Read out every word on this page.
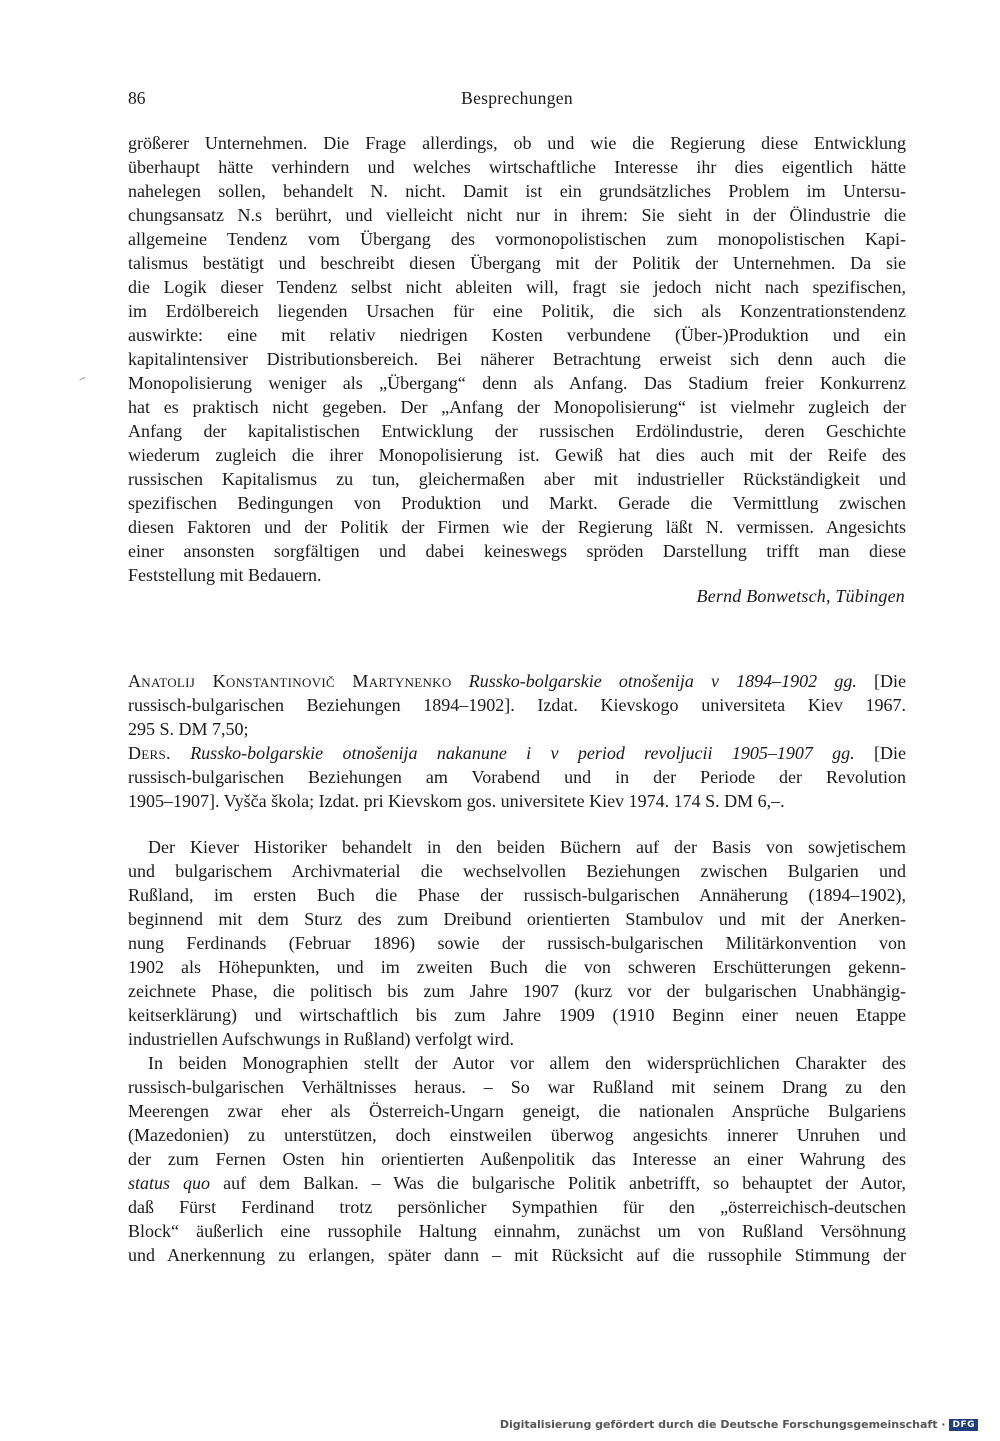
86	Besprechungen
größerer Unternehmen. Die Frage allerdings, ob und wie die Regierung diese Entwicklung
überhaupt hätte verhindern und welches wirtschaftliche Interesse ihr dies eigentlich hätte
nahelegen sollen, behandelt N. nicht. Damit ist ein grundsätzliches Problem im Untersu-
chungsansatz N.s berührt, und vielleicht nicht nur in ihrem: Sie sieht in der Ölindustrie die
allgemeine Tendenz vom Übergang des vormonopolistischen zum monopolistischen Kapi-
talismus bestätigt und beschreibt diesen Übergang mit der Politik der Unternehmen. Da sie
die Logik dieser Tendenz selbst nicht ableiten will, fragt sie jedoch nicht nach spezifischen,
im Erdölbereich liegenden Ursachen für eine Politik, die sich als Konzentrationstendenz
auswirkte: eine mit relativ niedrigen Kosten verbundene (Über-)Produktion und ein
kapitalintensiver Distributionsbereich. Bei näherer Betrachtung erweist sich denn auch die
Monopolisierung weniger als „Übergang“ denn als Anfang. Das Stadium freier Konkurrenz
hat es praktisch nicht gegeben. Der „Anfang der Monopolisierung“ ist vielmehr zugleich der
Anfang der kapitalistischen Entwicklung der russischen Erdölindustrie, deren Geschichte
wiederum zugleich die ihrer Monopolisierung ist. Gewiß hat dies auch mit der Reife des
russischen Kapitalismus zu tun, gleichermaßen aber mit industrieller Rückständigkeit und
spezifischen Bedingungen von Produktion und Markt. Gerade die Vermittlung zwischen
diesen Faktoren und der Politik der Firmen wie der Regierung läßt N. vermissen. Angesichts
einer ansonsten sorgfältigen und dabei keineswegs spröden Darstellung trifft man diese
Feststellung mit Bedauern.
Bernd Bonwetsch, Tübingen
Anatolij Konstantinovič Martynenko Russko-bolgarskie otnošenija v 1894–1902 gg. [Die
russisch-bulgarischen Beziehungen 1894–1902]. Izdat. Kievskogo universiteta Kiev 1967.
295 S. DM 7,50;
Ders. Russko-bolgarskie otnošenija nakanune i v period revoljucii 1905–1907 gg. [Die
russisch-bulgarischen Beziehungen am Vorabend und in der Periode der Revolution
1905–1907]. Vyšča škola; Izdat. pri Kievskom gos. universitete Kiev 1974. 174 S. DM 6,–.
Der Kiever Historiker behandelt in den beiden Büchern auf der Basis von sowjetischem
und bulgarischem Archivmaterial die wechselvollen Beziehungen zwischen Bulgarien und
Rußland, im ersten Buch die Phase der russisch-bulgarischen Annäherung (1894–1902),
beginnend mit dem Sturz des zum Dreibund orientierten Stambulov und mit der Anerken-
nung Ferdinands (Februar 1896) sowie der russisch-bulgarischen Militärkonvention von
1902 als Höhepunkten, und im zweiten Buch die von schweren Erschütterungen gekenn-
zeichnete Phase, die politisch bis zum Jahre 1907 (kurz vor der bulgarischen Unabhängig-
keitserklärung) und wirtschaftlich bis zum Jahre 1909 (1910 Beginn einer neuen Etappe
industriellen Aufschwungs in Rußland) verfolgt wird.
In beiden Monographien stellt der Autor vor allem den widersprüchlichen Charakter des
russisch-bulgarischen Verhältnisses heraus. – So war Rußland mit seinem Drang zu den
Meerengen zwar eher als Österreich-Ungarn geneigt, die nationalen Ansprüche Bulgariens
(Mazedonien) zu unterstützen, doch einstweilen überwog angesichts innerer Unruhen und
der zum Fernen Osten hin orientierten Außenpolitik das Interesse an einer Wahrung des
status quo auf dem Balkan. – Was die bulgarische Politik anbetrifft, so behauptet der Autor,
daß Fürst Ferdinand trotz persönlicher Sympathien für den „österreichisch-deutschen
Block“ äußerlich eine russophile Haltung einnahm, zunächst um von Rußland Versöhnung
und Anerkennung zu erlangen, später dann – mit Rücksicht auf die russophile Stimmung der
Digitalisierung gefördert durch die Deutsche Forschungsgemeinschaft · DFG
